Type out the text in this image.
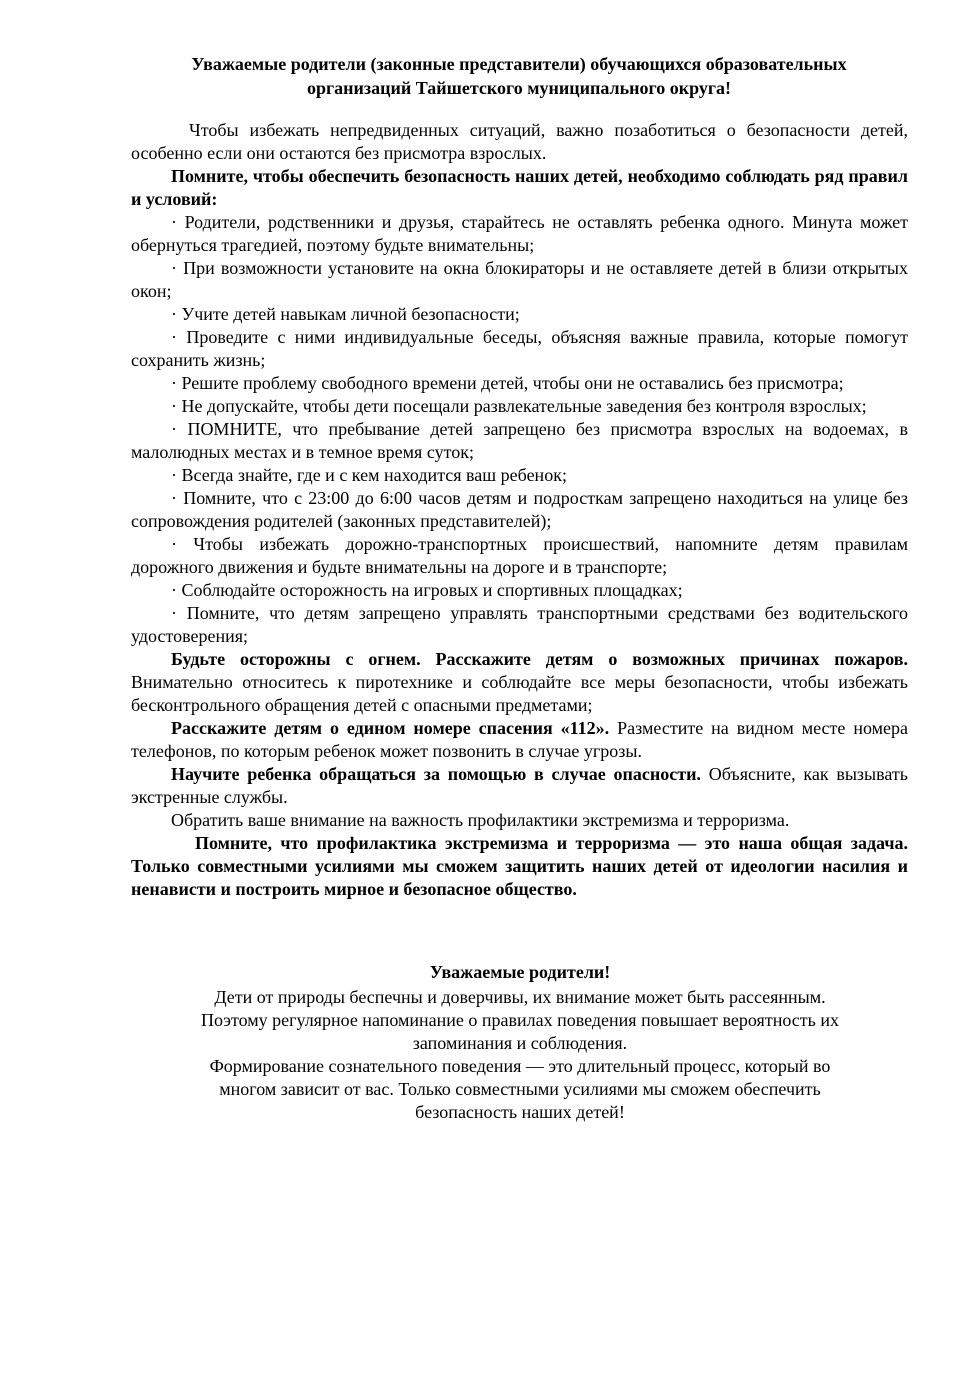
Уважаемые родители (законные представители) обучающихся образовательных
организаций Тайшетского муниципального округа!

Чтобы избежать непредвиденных ситуаций, важно позаботиться о безопасности детей, особенно если они остаются без присмотра взрослых.

Помните, чтобы обеспечить безопасность наших детей, необходимо соблюдать ряд правил и условий:

· Родители, родственники и друзья, старайтесь не оставлять ребенка одного. Минута может обернуться трагедией, поэтому будьте внимательны;

· При возможности установите на окна блокираторы и не оставляете детей в близи открытых окон;

· Учите детей навыкам личной безопасности;

· Проведите с ними индивидуальные беседы, объясняя важные правила, которые помогут сохранить жизнь;

· Решите проблему свободного времени детей, чтобы они не оставались без присмотра;

· Не допускайте, чтобы дети посещали развлекательные заведения без контроля взрослых;

· ПОМНИТЕ, что пребывание детей запрещено без присмотра взрослых на водоемах, в малолюдных местах и в темное время суток;

· Всегда знайте, где и с кем находится ваш ребенок;

· Помните, что с 23:00 до 6:00 часов детям и подросткам запрещено находиться на улице без сопровождения родителей (законных представителей);

· Чтобы избежать дорожно-транспортных происшествий, напомните детям правилам дорожного движения и будьте внимательны на дороге и в транспорте;

· Соблюдайте осторожность на игровых и спортивных площадках;

· Помните, что детям запрещено управлять транспортными средствами без водительского удостоверения;

Будьте осторожны с огнем. Расскажите детям о возможных причинах пожаров. Внимательно относитесь к пиротехнике и соблюдайте все меры безопасности, чтобы избежать бесконтрольного обращения детей с опасными предметами;

Расскажите детям о едином номере спасения «112». Разместите на видном месте номера телефонов, по которым ребенок может позвонить в случае угрозы.

Научите ребенка обращаться за помощью в случае опасности. Объясните, как вызывать экстренные службы.

Обратить ваше внимание на важность профилактики экстремизма и терроризма.

Помните, что профилактика экстремизма и терроризма — это наша общая задача. Только совместными усилиями мы сможем защитить наших детей от идеологии насилия и ненависти и построить мирное и безопасное общество.

Уважаемые родители!

Дети от природы беспечны и доверчивы, их внимание может быть рассеянным.

Поэтому регулярное напоминание о правилах поведения повышает вероятность их

запоминания и соблюдения.

Формирование сознательного поведения — это длительный процесс, который во

многом зависит от вас. Только совместными усилиями мы сможем обеспечить

безопасность наших детей!
